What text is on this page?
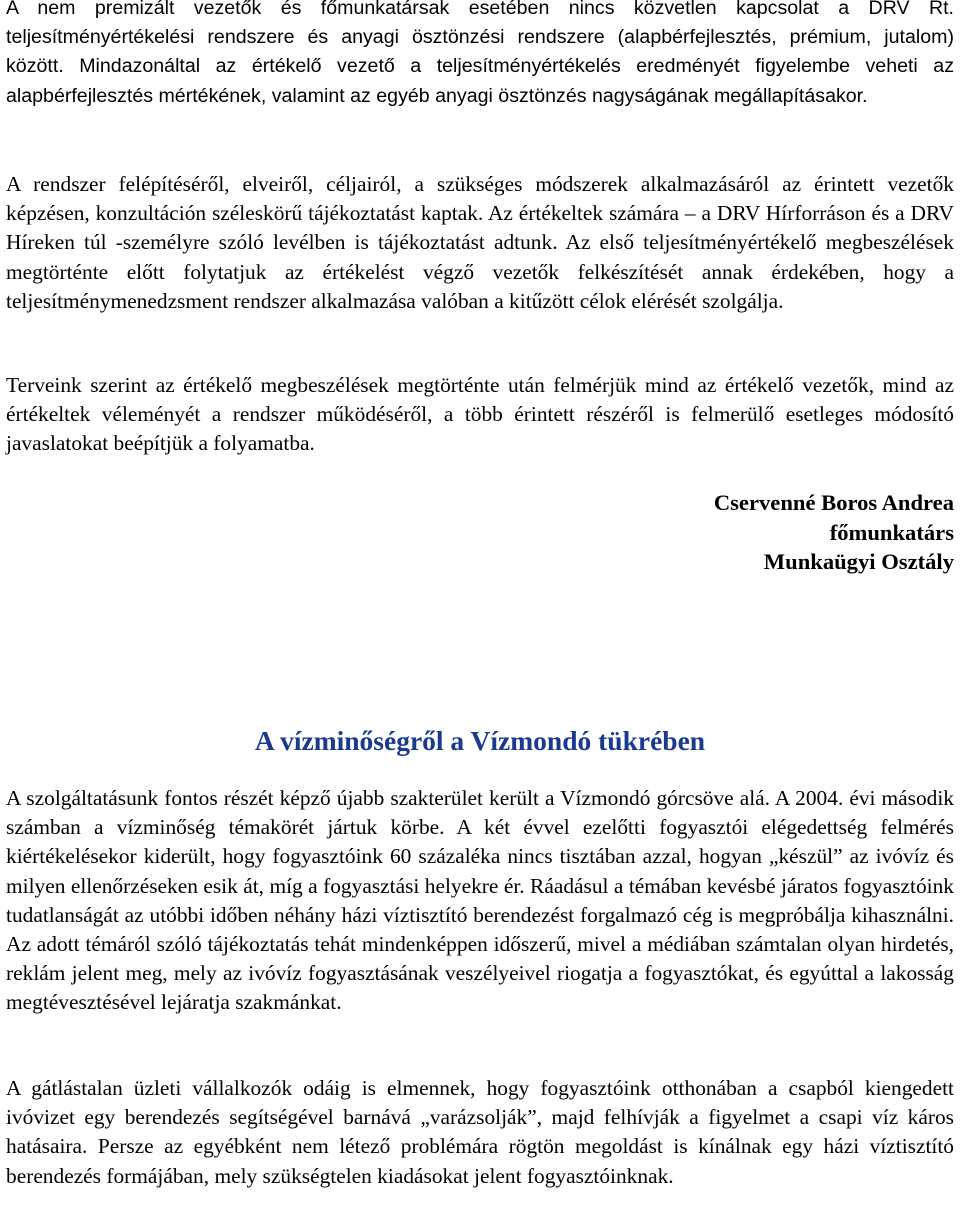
A nem premizált vezetők és főmunkatársak esetében nincs közvetlen kapcsolat a DRV Rt. teljesítményértékelési rendszere és anyagi ösztönzési rendszere (alapbérfejlesztés, prémium, jutalom) között. Mindazonáltal az értékelő vezető a teljesítményértékelés eredményét figyelembe veheti az alapbérfejlesztés mértékének, valamint az egyéb anyagi ösztönzés nagyságának megállapításakor.

A rendszer felépítéséről, elveiről, céljairól, a szükséges módszerek alkalmazásáról az érintett vezetők képzésen, konzultáción széleskörű tájékoztatást kaptak. Az értékeltek számára – a DRV Hírforráson és a DRV Híreken túl -személyre szóló levélben is tájékoztatást adtunk. Az első teljesítményértékelő megbeszélések megtörténte előtt folytatjuk az értékelést végző vezetők felkészítését annak érdekében, hogy a teljesítménymenedzsment rendszer alkalmazása valóban a kitűzött célok elérését szolgálja.

Terveink szerint az értékelő megbeszélések megtörténte után felmérjük mind az értékelő vezetők, mind az értékeltek véleményét a rendszer működéséről, a több érintett részéről is felmerülő esetleges módosító javaslatokat beépítjük a folyamatba.

Cservenné Boros Andrea
főmunkatárs
Munkaügyi Osztály
A vízminőségről a Vízmondó tükrében

A szolgáltatásunk fontos részét képző újabb szakterület került a Vízmondó górcsöve alá. A 2004. évi második számban a vízminőség témakörét jártuk körbe. A két évvel ezelőtti fogyasztói elégedettség felmérés kiértékelésekor kiderült, hogy fogyasztóink 60 százaléka nincs tisztában azzal, hogyan „készül” az ivóvíz és milyen ellenőrzéseken esik át, míg a fogyasztási helyekre ér. Ráadásul a témában kevésbé járatos fogyasztóink tudatlanságát az utóbbi időben néhány házi víztisztító berendezést forgalmazó cég is megpróbálja kihasználni. Az adott témáról szóló tájékoztatás tehát mindenképpen időszerű, mivel a médiában számtalan olyan hirdetés, reklám jelent meg, mely az ivóvíz fogyasztásának veszélyeivel riogatja a fogyasztókat, és egyúttal a lakosság megtévesztésével lejáratja szakmánkat.

A gátlástalan üzleti vállalkozók odáig is elmennek, hogy fogyasztóink otthonában a csapból kiengedett ivóvizet egy berendezés segítségével barnává „varázsolják”, majd felhívják a figyelmet a csapi víz káros hatásaira. Persze az egyébként nem létező problémára rögtön megoldást is kínálnak egy házi víztisztító berendezés formájában, mely szükségtelen kiadásokat jelent fogyasztóinknak.
